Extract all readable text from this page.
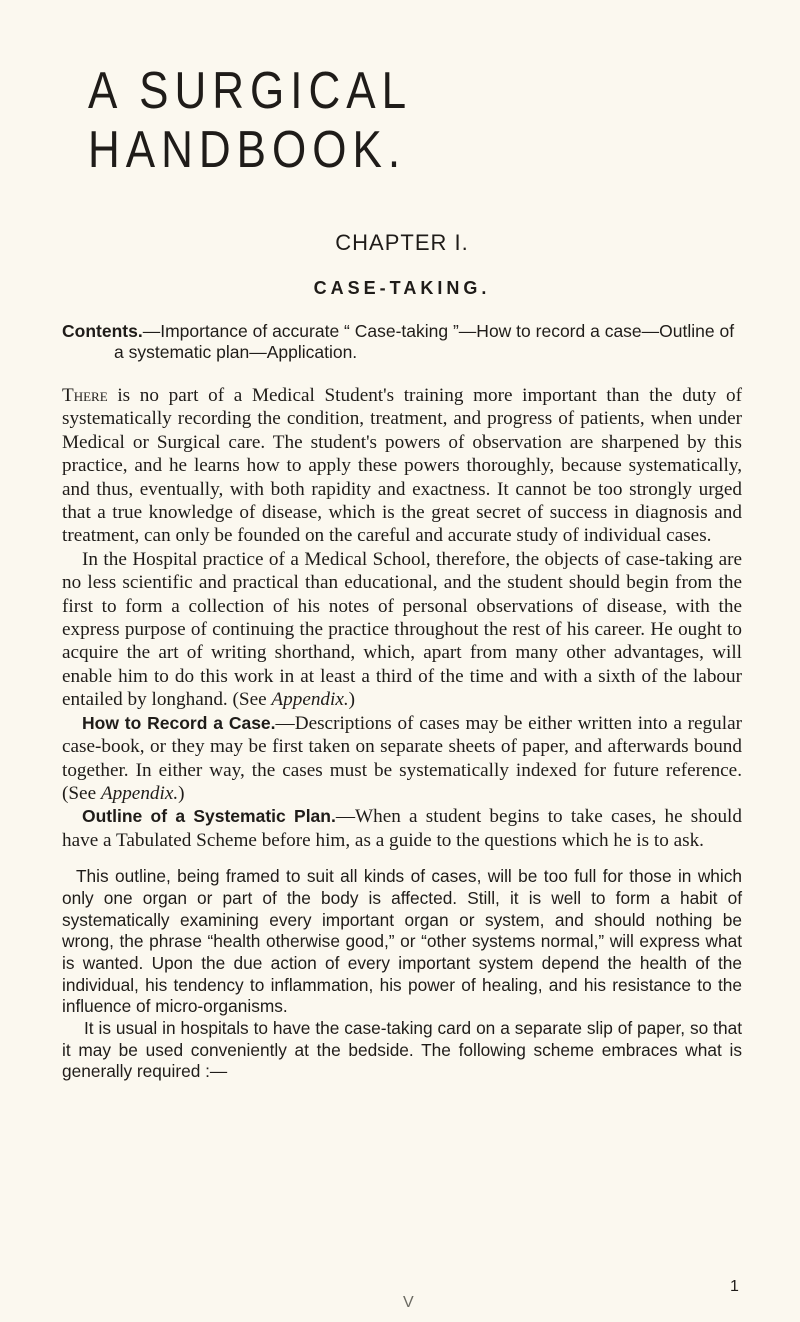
A SURGICAL HANDBOOK.
CHAPTER I.
CASE-TAKING.
Contents.—Importance of accurate “ Case-taking ”—How to record a case—Outline of a systematic plan—Application.

There is no part of a Medical Student's training more important than the duty of systematically recording the condition, treatment, and progress of patients, when under Medical or Surgical care. The student's powers of observation are sharpened by this practice, and he learns how to apply these powers thoroughly, because systematically, and thus, eventually, with both rapidity and exactness. It cannot be too strongly urged that a true knowledge of disease, which is the great secret of success in diagnosis and treatment, can only be founded on the careful and accurate study of individual cases.

In the Hospital practice of a Medical School, therefore, the objects of case-taking are no less scientific and practical than educational, and the student should begin from the first to form a collection of his notes of personal observations of disease, with the express purpose of continuing the practice throughout the rest of his career. He ought to acquire the art of writing shorthand, which, apart from many other advantages, will enable him to do this work in at least a third of the time and with a sixth of the labour entailed by longhand. (See Appendix.)

How to Record a Case.—Descriptions of cases may be either written into a regular case-book, or they may be first taken on separate sheets of paper, and afterwards bound together. In either way, the cases must be systematically indexed for future reference. (See Appendix.)

Outline of a Systematic Plan.—When a student begins to take cases, he should have a Tabulated Scheme before him, as a guide to the questions which he is to ask.

This outline, being framed to suit all kinds of cases, will be too full for those in which only one organ or part of the body is affected. Still, it is well to form a habit of systematically examining every important organ or system, and should nothing be wrong, the phrase “health otherwise good,” or “other systems normal,” will express what is wanted. Upon the due action of every important system depend the health of the individual, his tendency to inflammation, his power of healing, and his resistance to the influence of micro-organisms.

It is usual in hospitals to have the case-taking card on a separate slip of paper, so that it may be used conveniently at the bedside. The following scheme embraces what is generally required :—

1
V
